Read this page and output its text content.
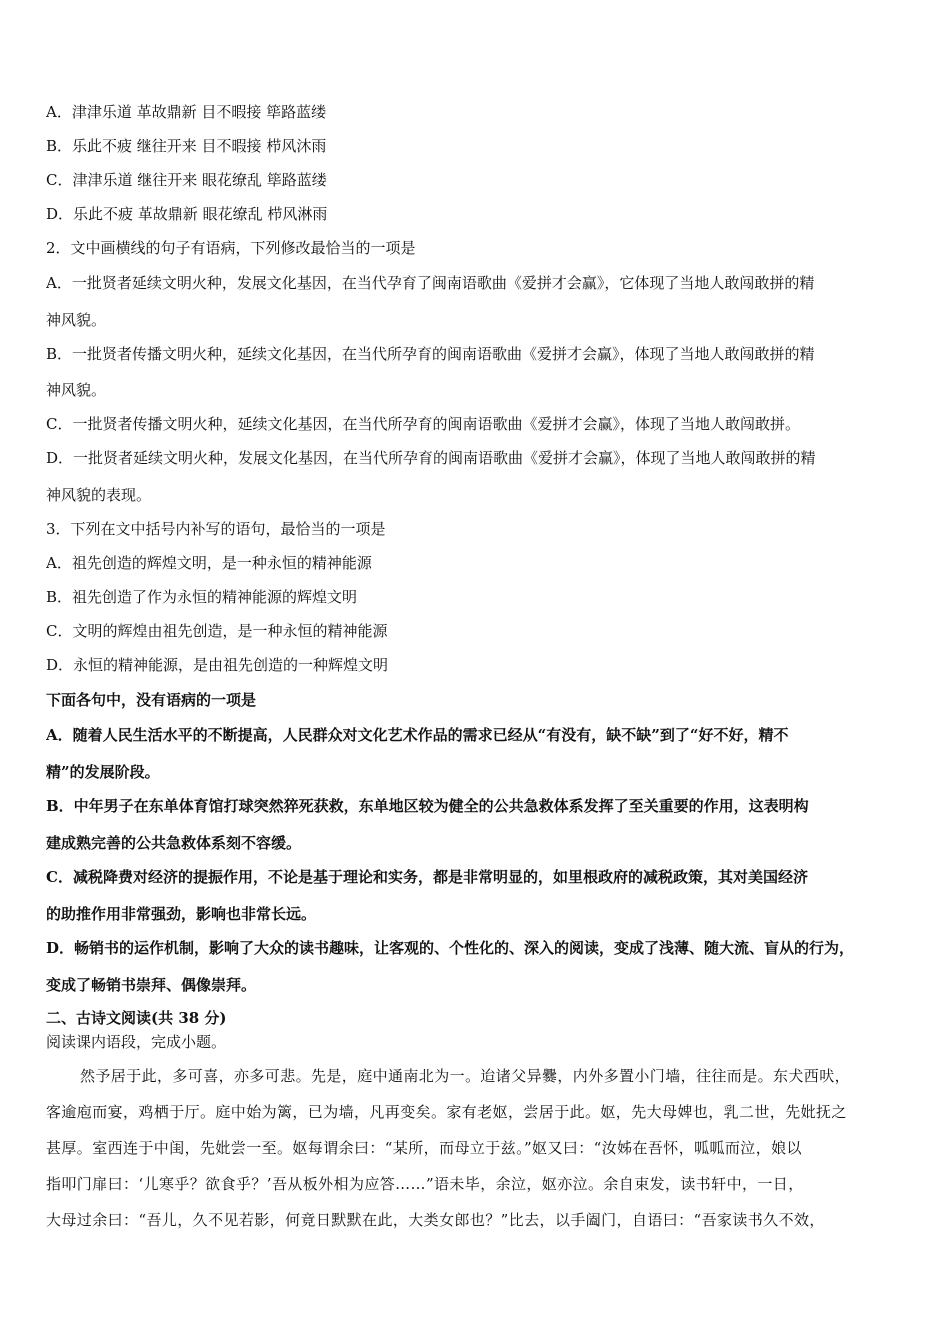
A．津津乐道 革故鼎新 目不暇接 筚路蓝缕
B．乐此不疲 继往开来 目不暇接 栉风沐雨
C．津津乐道 继往开来 眼花缭乱 筚路蓝缕
D．乐此不疲 革故鼎新 眼花缭乱 栉风淋雨
2．文中画横线的句子有语病，下列修改最恰当的一项是
A．一批贤者延续文明火种，发展文化基因，在当代孕育了闽南语歌曲《爱拼才会赢》，它体现了当地人敢闯敢拼的精
神风貌。
B．一批贤者传播文明火种，延续文化基因，在当代所孕育的闽南语歌曲《爱拼才会赢》，体现了当地人敢闯敢拼的精
神风貌。
C．一批贤者传播文明火种，延续文化基因，在当代所孕育的闽南语歌曲《爱拼才会赢》，体现了当地人敢闯敢拼。
D．一批贤者延续文明火种，发展文化基因，在当代所孕育的闽南语歌曲《爱拼才会赢》，体现了当地人敢闯敢拼的精
神风貌的表现。
3．下列在文中括号内补写的语句，最恰当的一项是
A．祖先创造的辉煌文明，是一种永恒的精神能源
B．祖先创造了作为永恒的精神能源的辉煌文明
C．文明的辉煌由祖先创造，是一种永恒的精神能源
D．永恒的精神能源，是由祖先创造的一种辉煌文明
下面各句中，没有语病的一项是
A．随着人民生活水平的不断提高，人民群众对文化艺术作品的需求已经从“有没有，缺不缺”到了“好不好，精不
精”的发展阶段。
B．中年男子在东单体育馆打球突然猝死获救，东单地区较为健全的公共急救体系发挥了至关重要的作用，这表明构
建成熟完善的公共急救体系刻不容缓。
C．减税降费对经济的提振作用，不论是基于理论和实务，都是非常明显的，如里根政府的减税政策，其对美国经济
的助推作用非常强劲，影响也非常长远。
D．畅销书的运作机制，影响了大众的读书趣味，让客观的、个性化的、深入的阅读，变成了浅薄、随大流、盲从的行为，
变成了畅销书崇拜、偶像崇拜。
二、古诗文阅读(共 38 分)
阅读课内语段，完成小题。
然予居于此，多可喜，亦多可悲。先是，庭中通南北为一。迨诸父异爨，内外多置小门墙，往往而是。东犬西吠，
客逾庖而宴，鸡栖于厅。庭中始为篱，已为墙，凡再变矣。家有老妪，尝居于此。妪，先大母婢也，乳二世，先妣抚之
甚厚。室西连于中闺，先妣尝一至。妪每谓余曰：“某所，而母立于兹。”妪又曰：“汝姊在吾怀，呱呱而泣，娘以
指叩门扉曰：‘儿寒乎？欲食乎？’吾从板外相为应答……”语未毕，余泣，妪亦泣。余自束发，读书轩中，一日，
大母过余曰：“吾儿，久不见若影，何竟日默默在此，大类女郎也？”比去，以手阖门，自语曰：“吾家读书久不效，
